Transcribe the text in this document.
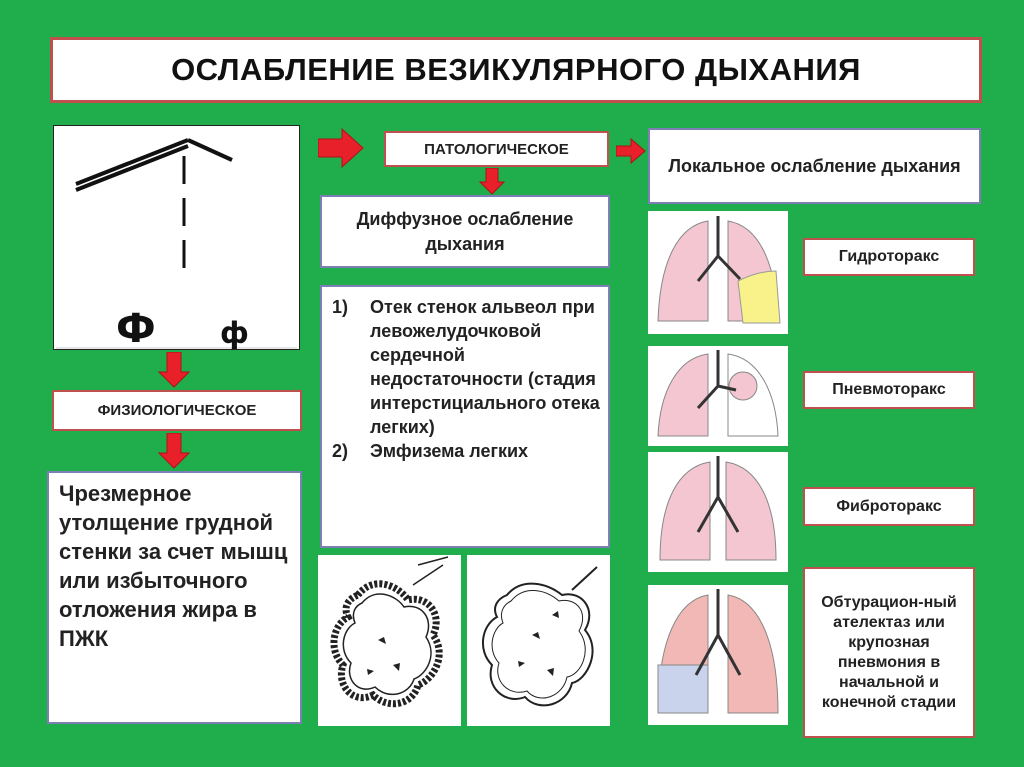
ОСЛАБЛЕНИЕ ВЕЗИКУЛЯРНОГО ДЫХАНИЯ
Ф ф
ФИЗИОЛОГИЧЕСКОЕ
Чрезмерное утолщение грудной стенки за счет мышц или избыточного отложения жира в ПЖК
ПАТОЛОГИЧЕСКОЕ
Диффузное ослабление дыхания
1)	Отек стенок альвеол при левожелудочковой сердечной недостаточности (стадия интерстициального отека легких)
2)	Эмфизема легких
Локальное ослабление дыхания
Гидроторакс
Пневмоторакс
Фиброторакс
Обтурацион-ный ателектаз или крупозная пневмония в начальной и конечной стадии
